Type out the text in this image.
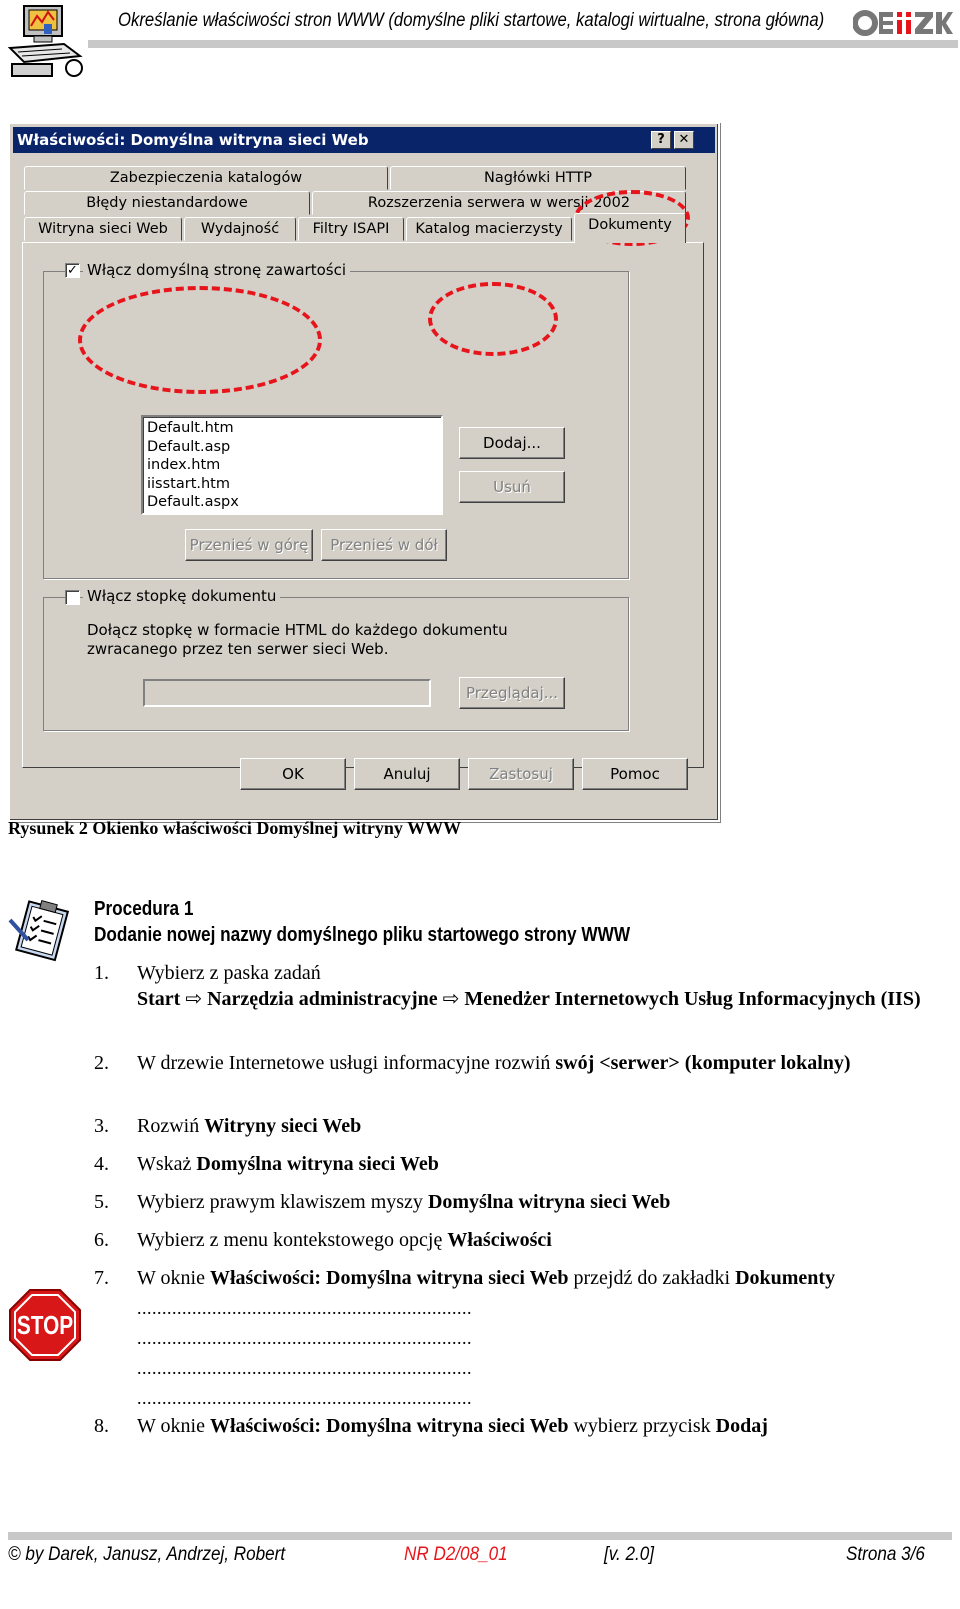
Określanie właściwości stron WWW (domyślne pliki startowe, katalogi wirtualne, strona główna)
Właściwości: Domyślna witryna sieci Web	?	✕
Zabezpieczenia katalogów	Nagłówki HTTP
Błędy niestandardowe	Rozszerzenia serwera w wersji 2002
Witryna sieci Web	Wydajność	Filtry ISAPI	Katalog macierzysty	Dokumenty
✓ Włącz domyślną stronę zawartości
Default.htm
Default.asp
index.htm
iisstart.htm
Default.aspx
Dodaj...
Usuń
Przenieś w górę	Przenieś w dół
Włącz stopkę dokumentu
Dołącz stopkę w formacie HTML do każdego dokumentu zwracanego przez ten serwer sieci Web.
Przeglądaj...
OK	Anuluj	Zastosuj	Pomoc
Rysunek 2 Okienko właściwości Domyślnej witryny WWW
Procedura 1
Dodanie nowej nazwy domyślnego pliku startowego strony WWW
1. Wybierz z paska zadań
Start ⇨ Narzędzia administracyjne ⇨ Menedżer Internetowych Usług Informacyjnych (IIS)
2. W drzewie Internetowe usługi informacyjne rozwiń swój <serwer> (komputer lokalny)
3. Rozwiń Witryny sieci Web
4. Wskaż Domyślna witryna sieci Web
5. Wybierz prawym klawiszem myszy Domyślna witryna sieci Web
6. Wybierz z menu kontekstowego opcję Właściwości
7. W oknie Właściwości: Domyślna witryna sieci Web przejdź do zakładki Dokumenty
STOP
...................................................................
...................................................................
...................................................................
...................................................................
8. W oknie Właściwości: Domyślna witryna sieci Web wybierz przycisk Dodaj
© by Darek, Janusz, Andrzej, Robert	NR D2/08_01	[v. 2.0]	Strona 3/6
